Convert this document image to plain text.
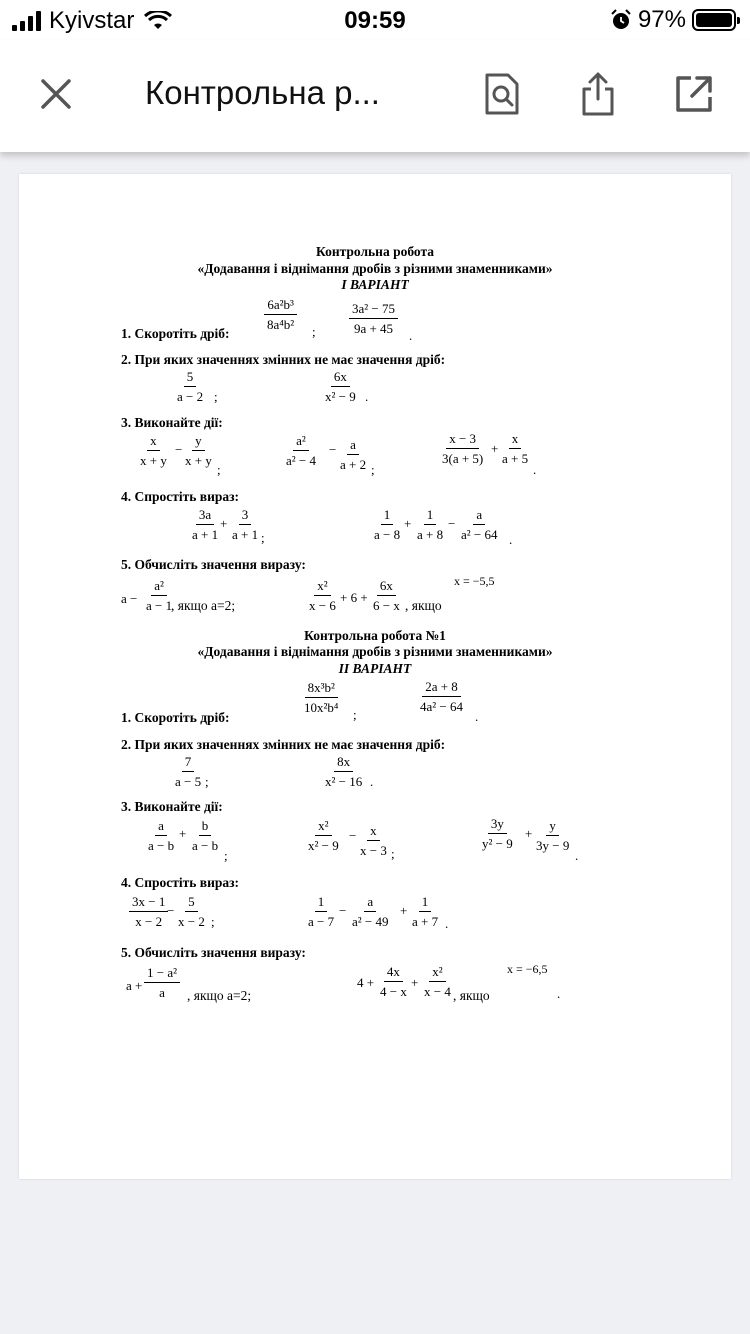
Kyivstar	09:59	97%
Контрольна р...
Контрольна робота
«Додавання і віднімання дробів з різними знаменниками»
І ВАРІАНТ
1. Скоротіть дріб:
$\frac{\text{6a²b³}}{\text{8a⁴b²}}$
;	$\frac{\text{3a² − 75}}{9a + 45}$
.
2. При яких значеннях змінних не має значення дріб:
$\frac{5}{a - 2}$ ;	$\frac{6x}{\text{x² − 9}}$ .
3. Виконайте дії:
$\frac{x}{x + y} - \frac{y}{x + y}$
;
$\frac{\text{a²}}{\text{a² − 4}} - \frac{a}{a + 2}$ ;
$\frac{x - 3}{3(a + 5)} + \frac{x}{a + 5}$
.
4. Спростіть вираз:
$\frac{3a}{a + 1}$
+ $\frac{3}{a + 1}$ ;	$\frac{1}{a - 8} + \frac{1}{a + 8} - \frac{a}{\text{a² − 64}}$ .
5. Обчисліть значення виразу:
$a - \frac{\text{a²}}{a - 1}$
, якщо а=2;	$\frac{\text{x²}}{x - 6} + 6 + \frac{6x}{6 - x}$ , якщо
x = −5,5
Контрольна робота №1
«Додавання і віднімання дробів з різними знаменниками»
ІІ ВАРІАНТ
1. Скоротіть дріб:
$\frac{\text{8x³b²}}{\text{10x²b⁴}}$
;
$\frac{2a + 8}{\text{4a² − 64}}$
.
2. При яких значеннях змінних не має значення дріб:
$\frac{7}{a - 5}$ ;	$\frac{8x}{\text{x² − 16}}$ .
3. Виконайте дії:
$\frac{a}{a - b} + \frac{b}{a - b}$
;
$\frac{\text{x²}}{\text{x² − 9}} - \frac{x}{x - 3}$ ;
$\frac{3y}{\text{y² − 9}} + \frac{y}{3y - 9}$
.
4. Спростіть вираз:
$\frac{3x - 1}{x - 2}$
− $\frac{5}{x - 2}$ ;	$\frac{1}{a - 7} - \frac{a}{\text{a² − 49}} + \frac{1}{a + 7}$ .
5. Обчисліть значення виразу:
$a + \frac{\text{1 − a²}}{a}$ , якщо а=2;
$4 + \frac{4x}{4 - x} + \frac{\text{x²}}{x - 4}$ , якщо
x = −6,5
.
